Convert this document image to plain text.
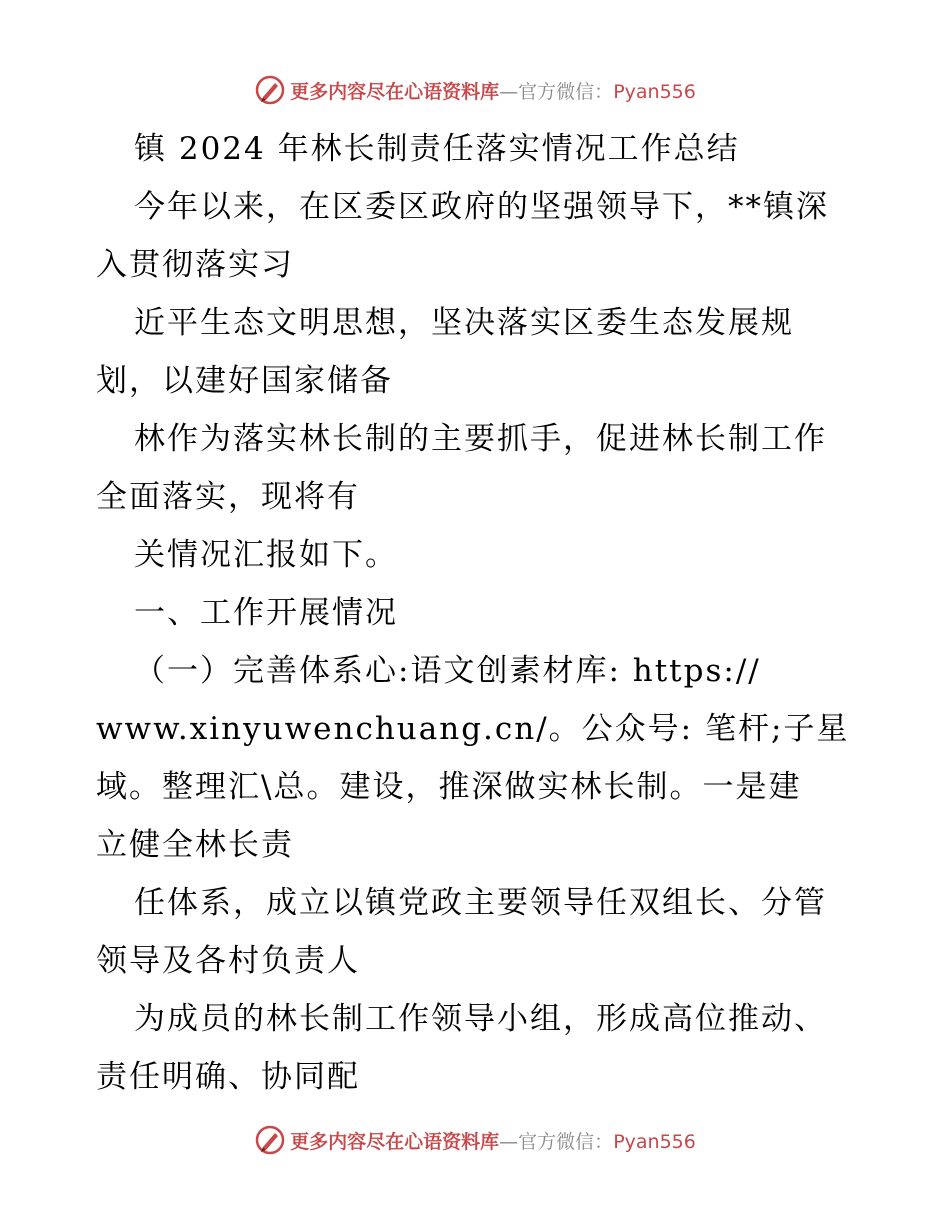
更多内容尽在心语资料库—官方微信：Pyan556

镇 2024 年林长制责任落实情况工作总结

今年以来，在区委区政府的坚强领导下，**镇深

入贯彻落实习

近平生态文明思想，坚决落实区委生态发展规

划，以建好国家储备

林作为落实林长制的主要抓手，促进林长制工作

全面落实，现将有

关情况汇报如下。

一、工作开展情况

（一）完善体系心:语文创素材库: https://

www.xinyuwenchuang.cn/。公众号: 笔杆;子星

域。整理汇\总。建设，推深做实林长制。一是建

立健全林长责

任体系，成立以镇党政主要领导任双组长、分管

领导及各村负责人

为成员的林长制工作领导小组，形成高位推动、

责任明确、协同配

更多内容尽在心语资料库—官方微信：Pyan556
